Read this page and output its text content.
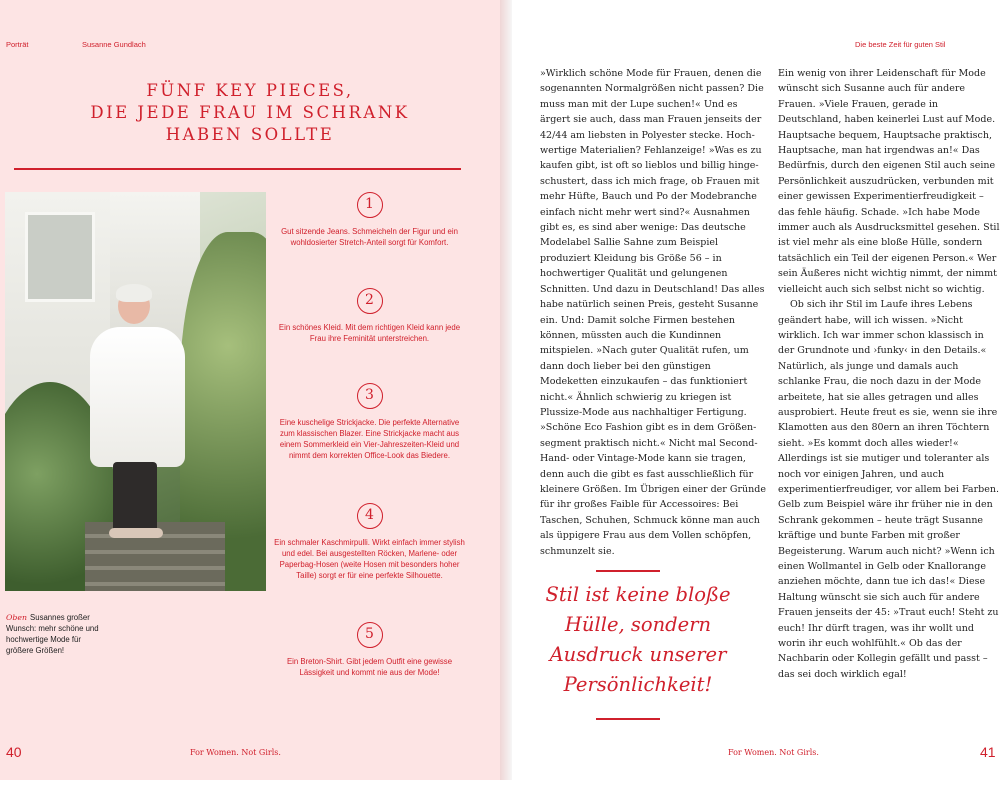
Porträt	Susanne Gundlach
FÜNF KEY PIECES,
DIE JEDE FRAU IM SCHRANK
HABEN SOLLTE
Oben Susannes großer Wunsch: mehr schöne und hochwertige Mode für größere Größen!
1
Gut sitzende Jeans. Schmeicheln der Figur und ein wohldosierter Stretch-Anteil sorgt für Komfort.
2
Ein schönes Kleid. Mit dem richtigen Kleid kann jede Frau ihre Feminität unterstreichen.
3
Eine kuschelige Strickjacke. Die perfekte Alternative zum klassischen Blazer. Eine Strickjacke macht aus einem Sommerkleid ein Vier-Jahreszeiten-Kleid und nimmt dem korrekten Office-Look das Biedere.
4
Ein schmaler Kaschmirpulli. Wirkt einfach immer stylish und edel. Bei ausgestellten Röcken, Marlene- oder Paperbag-Hosen (weite Hosen mit besonders hoher Taille) sorgt er für eine perfekte Silhouette.
5
Ein Breton-Shirt. Gibt jedem Outfit eine gewisse Lässigkeit und kommt nie aus der Mode!
40	For Women. Not Girls.
Die beste Zeit für guten Stil

»Wirklich schöne Mode für Frauen, denen die sogenannten Normalgrößen nicht passen? Die muss man mit der Lupe suchen!« Und es ärgert sie auch, dass man Frauen jenseits der 42/44 am liebsten in Polyester stecke. Hochwertige Materialien? Fehlanzeige! »Was es zu kaufen gibt, ist oft so lieblos und billig hingeschustert, dass ich mich frage, ob Frauen mit mehr Hüfte, Bauch und Po der Modebranche einfach nicht mehr wert sind?« Ausnahmen gibt es, es sind aber wenige: Das deutsche Modelabel Sallie Sahne zum Beispiel produziert Kleidung bis Größe 56 – in hochwertiger Qualität und gelungenen Schnitten. Und dazu in Deutschland! Das alles habe natürlich seinen Preis, gesteht Susanne ein. Und: Damit solche Firmen bestehen können, müssten auch die Kundinnen mitspielen. »Nach guter Qualität rufen, um dann doch lieber bei den günstigen Modeketten einzukaufen – das funktioniert nicht.« Ähnlich schwierig zu kriegen ist Plussize-Mode aus nachhaltiger Fertigung. »Schöne Eco Fashion gibt es in dem Größensegment praktisch nicht.« Nicht mal Second-Hand- oder Vintage-Mode kann sie tragen, denn auch die gibt es fast ausschließlich für kleinere Größen. Im Übrigen einer der Gründe für ihr großes Faible für Accessoires: Bei Taschen, Schuhen, Schmuck könne man auch als üppigere Frau aus dem Vollen schöpfen, schmunzelt sie.

Ein wenig von ihrer Leidenschaft für Mode wünscht sich Susanne auch für andere Frauen. »Viele Frauen, gerade in Deutschland, haben keinerlei Lust auf Mode. Hauptsache bequem, Hauptsache praktisch, Hauptsache, man hat irgendwas an!« Das Bedürfnis, durch den eigenen Stil auch seine Persönlichkeit auszudrücken, verbunden mit einer gewissen Experimentierfreudigkeit – das fehle häufig. Schade. »Ich habe Mode immer auch als Ausdrucksmittel gesehen. Stil ist viel mehr als eine bloße Hülle, sondern tatsächlich ein Teil der eigenen Person.« Wer sein Äußeres nicht wichtig nimmt, der nimmt vielleicht auch sich selbst nicht so wichtig.

Ob sich ihr Stil im Laufe ihres Lebens geändert habe, will ich wissen. »Nicht wirklich. Ich war immer schon klassisch in der Grundnote und ›funky‹ in den Details.« Natürlich, als junge und damals auch schlanke Frau, die noch dazu in der Mode arbeitete, hat sie alles getragen und alles ausprobiert. Heute freut es sie, wenn sie ihre Klamotten aus den 80ern an ihren Töchtern sieht. »Es kommt doch alles wieder!« Allerdings ist sie mutiger und toleranter als noch vor einigen Jahren, und auch experimentierfreudiger, vor allem bei Farben. Gelb zum Beispiel wäre ihr früher nie in den Schrank gekommen – heute trägt Susanne kräftige und bunte Farben mit großer Begeisterung. Warum auch nicht? »Wenn ich einen Wollmantel in Gelb oder Knallorange anziehen möchte, dann tue ich das!« Diese Haltung wünscht sie sich auch für andere Frauen jenseits der 45: »Traut euch! Steht zu euch! Ihr dürft tragen, was ihr wollt und worin ihr euch wohlfühlt.« Ob das der Nachbarin oder Kollegin gefällt und passt – das sei doch wirklich egal!

Stil ist keine bloße Hülle, sondern Ausdruck unserer Persönlichkeit!
For Women. Not Girls.	41
